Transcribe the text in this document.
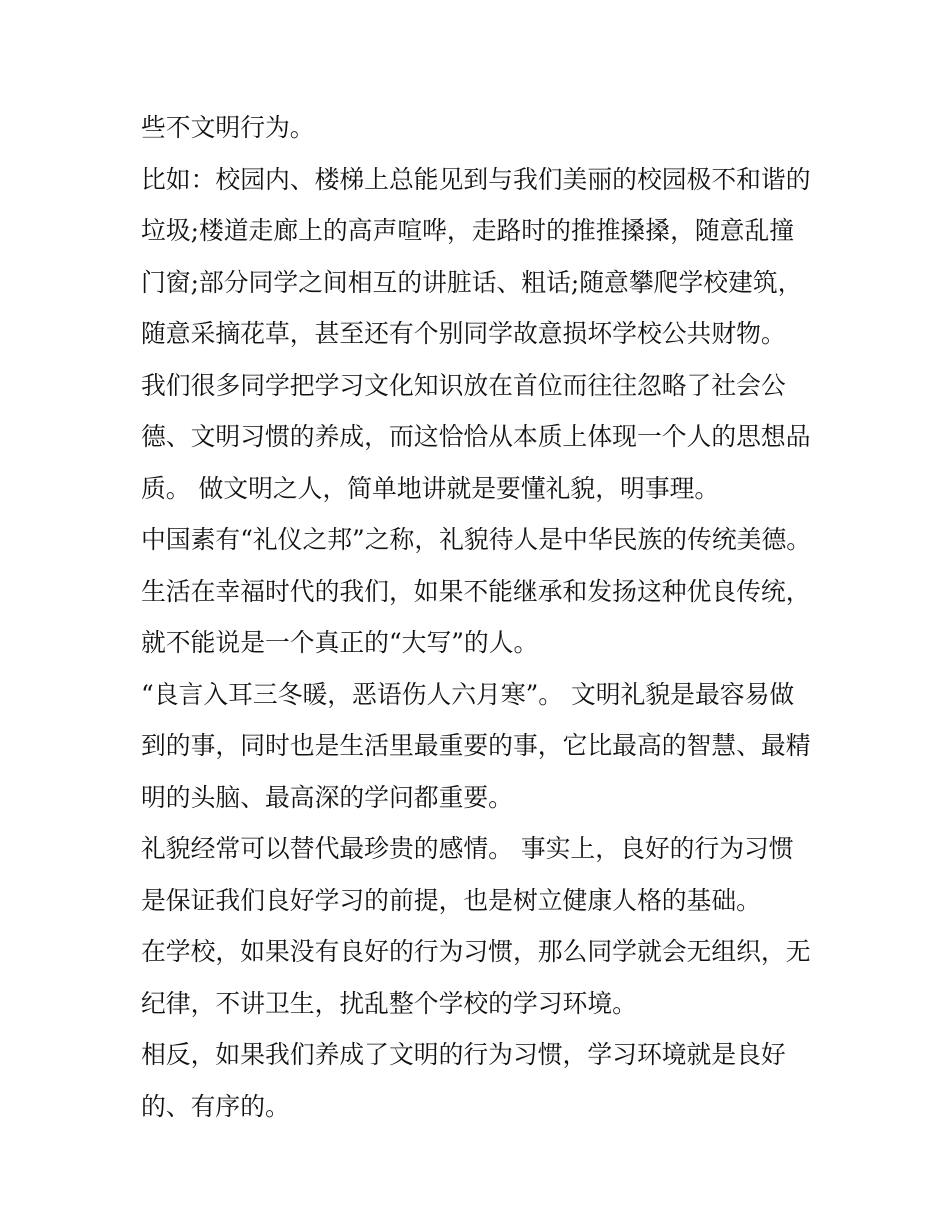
些不文明行为。
比如：校园内、楼梯上总能见到与我们美丽的校园极不和谐的
垃圾;楼道走廊上的高声喧哗，走路时的推推搡搡，随意乱撞
门窗;部分同学之间相互的讲脏话、粗话;随意攀爬学校建筑，
随意采摘花草，甚至还有个别同学故意损坏学校公共财物。
我们很多同学把学习文化知识放在首位而往往忽略了社会公
德、文明习惯的养成，而这恰恰从本质上体现一个人的思想品
质。 做文明之人，简单地讲就是要懂礼貌，明事理。
中国素有“礼仪之邦”之称，礼貌待人是中华民族的传统美德。
生活在幸福时代的我们，如果不能继承和发扬这种优良传统，
就不能说是一个真正的“大写”的人。
“良言入耳三冬暖，恶语伤人六月寒”。 文明礼貌是最容易做
到的事，同时也是生活里最重要的事，它比最高的智慧、最精
明的头脑、最高深的学问都重要。
礼貌经常可以替代最珍贵的感情。 事实上，良好的行为习惯
是保证我们良好学习的前提，也是树立健康人格的基础。
在学校，如果没有良好的行为习惯，那么同学就会无组织，无
纪律，不讲卫生，扰乱整个学校的学习环境。
相反，如果我们养成了文明的行为习惯，学习环境就是良好
的、有序的。
